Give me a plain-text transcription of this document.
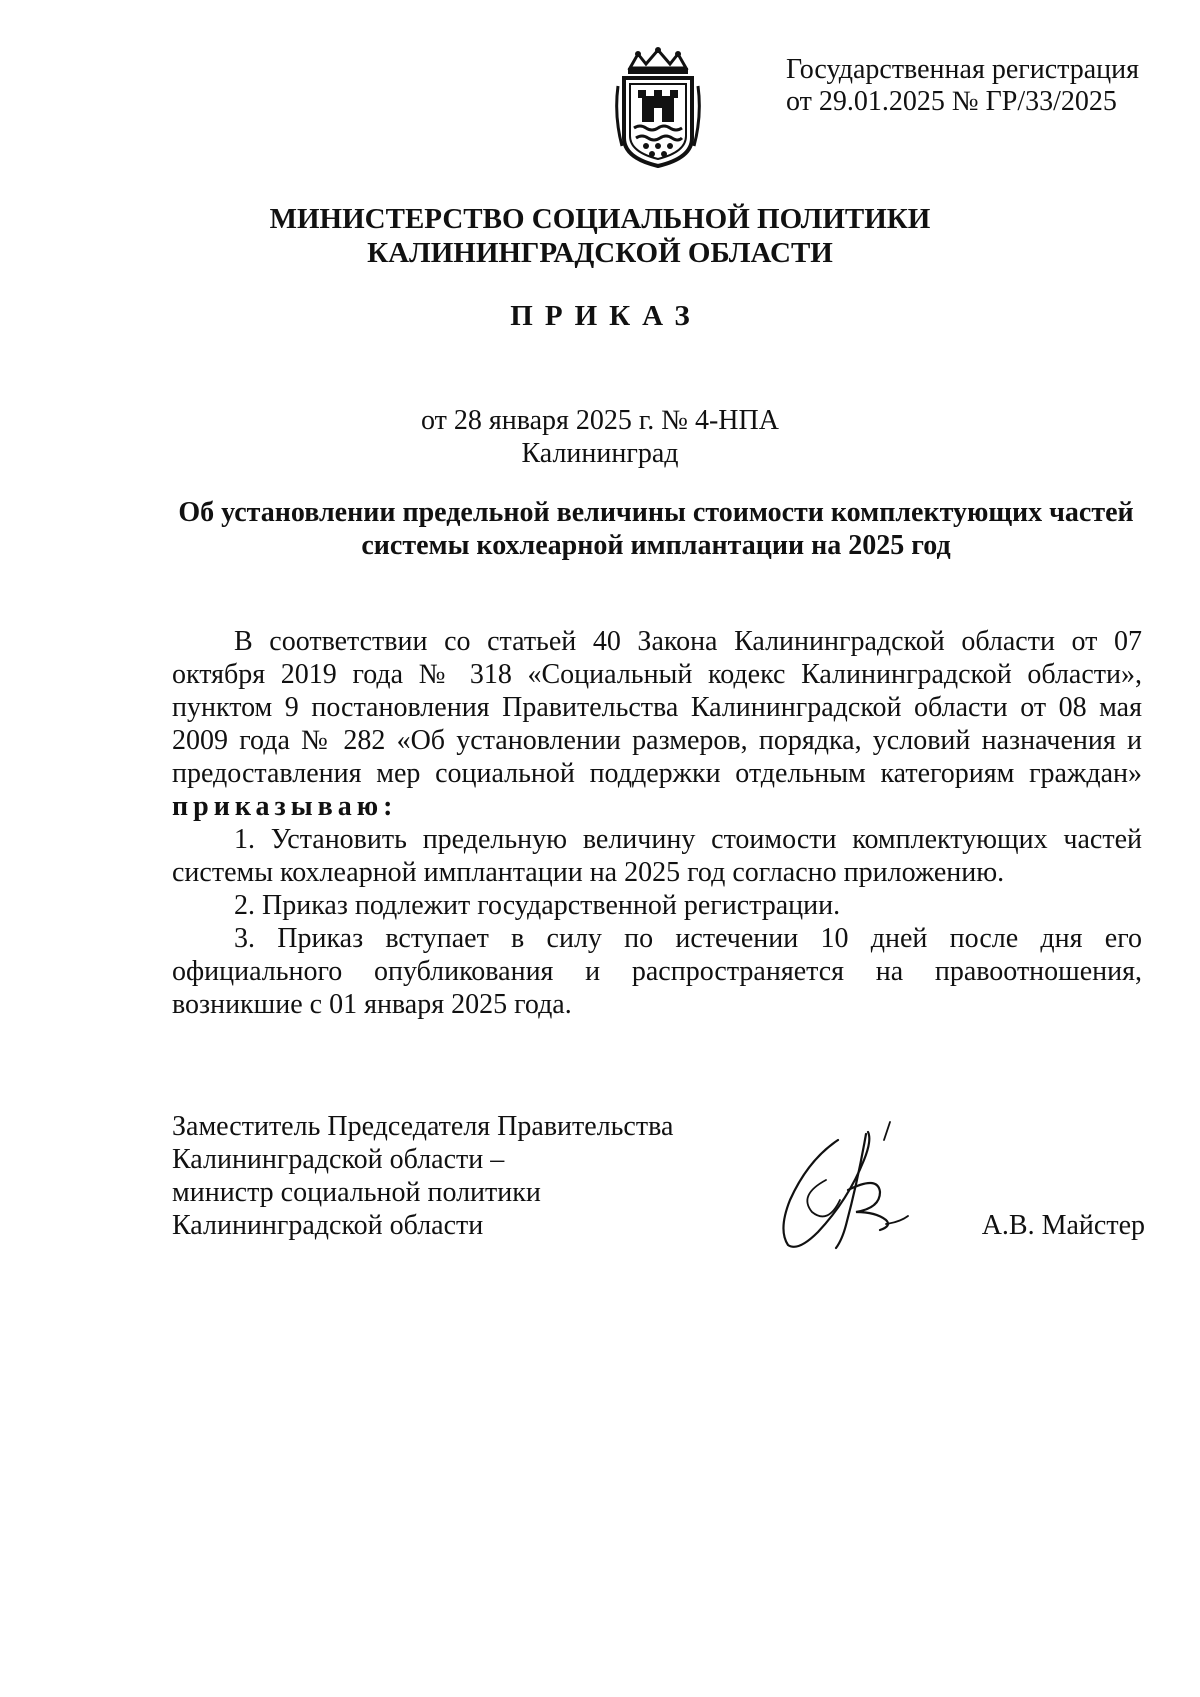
Государственная регистрация
от 29.01.2025 № ГР/33/2025
МИНИСТЕРСТВО СОЦИАЛЬНОЙ ПОЛИТИКИ
КАЛИНИНГРАДСКОЙ ОБЛАСТИ
ПРИКАЗ
от 28 января 2025 г. № 4-НПА
Калининград
Об установлении предельной величины стоимости комплектующих частей системы кохлеарной имплантации на 2025 год

В соответствии со статьей 40 Закона Калининградской области от 07 октября 2019 года № 318 «Социальный кодекс Калининградской области», пунктом 9 постановления Правительства Калининградской области от 08 мая 2009 года № 282 «Об установлении размеров, порядка, условий назначения и предоставления мер социальной поддержки отдельным категориям граждан» приказываю:

1. Установить предельную величину стоимости комплектующих частей системы кохлеарной имплантации на 2025 год согласно приложению.

2. Приказ подлежит государственной регистрации.

3. Приказ вступает в силу по истечении 10 дней после дня его официального опубликования и распространяется на правоотношения, возникшие с 01 января 2025 года.

Заместитель Председателя Правительства
Калининградской области –
министр социальной политики
Калининградской области	А.В. Майстер
